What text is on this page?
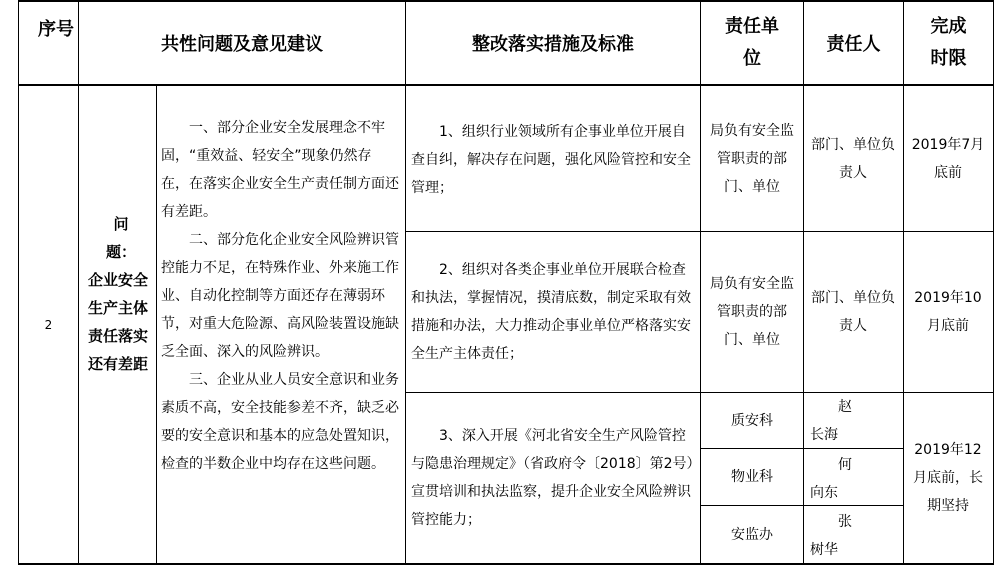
序号
共性问题及意见建议	整改落实措施及标准
责任单位
责任人
完成时限
2
问题：
企业安全生产主体责任落实还有差距

一、部分企业安全发展理念不牢固，“重效益、轻安全”现象仍然存在，在落实企业安全生产责任制方面还有差距。

二、部分危化企业安全风险辨识管控能力不足，在特殊作业、外来施工作业、自动化控制等方面还存在薄弱环节，对重大危险源、高风险装置设施缺乏全面、深入的风险辨识。

三、企业从业人员安全意识和业务素质不高，安全技能参差不齐，缺乏必要的安全意识和基本的应急处置知识，检查的半数企业中均存在这些问题。

1、组织行业领域所有企事业单位开展自查自纠，解决存在问题，强化风险管控和安全管理；

局负有安全监管职责的部门、单位
部门、单位负责人
2019年7月底前

2、组织对各类企事业单位开展联合检查和执法，掌握情况，摸清底数，制定采取有效措施和办法，大力推动企事业单位严格落实安全生产主体责任；

局负有安全监管职责的部门、单位
部门、单位负责人
2019年10月底前

3、深入开展《河北省安全生产风险管控与隐患治理规定》（省政府令〔2018〕第2号）宣贯培训和执法监察，提升企业安全风险辨识管控能力；

质安科
赵长海
物业科
何向东
安监办
张树华
2019年12月底前，长期坚持
